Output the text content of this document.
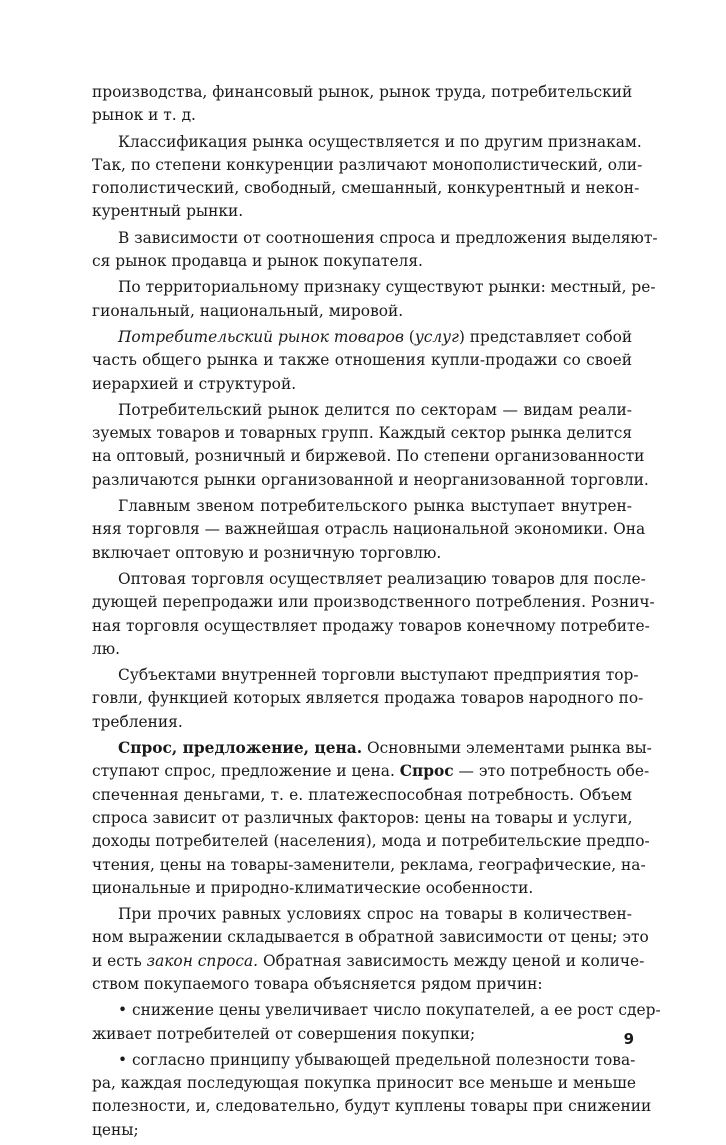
производства, финансовый рынок, рынок труда, потребительский
рынок и т. д.

Классификация рынка осуществляется и по другим признакам.
Так, по степени конкуренции различают монополистический, оли-
гополистический, свободный, смешанный, конкурентный и некон-
курентный рынки.

В зависимости от соотношения спроса и предложения выделяют-
ся рынок продавца и рынок покупателя.

По территориальному признаку существуют рынки: местный, ре-
гиональный, национальный, мировой.

Потребительский рынок товаров (услуг) представляет собой
часть общего рынка и также отношения купли-продажи со своей
иерархией и структурой.

Потребительский рынок делится по секторам — видам реали-
зуемых товаров и товарных групп. Каждый сектор рынка делится
на оптовый, розничный и биржевой. По степени организованности
различаются рынки организованной и неорганизованной торговли.

Главным звеном потребительского рынка выступает внутрен-
няя торговля — важнейшая отрасль национальной экономики. Она
включает оптовую и розничную торговлю.

Оптовая торговля осуществляет реализацию товаров для после-
дующей перепродажи или производственного потребления. Рознич-
ная торговля осуществляет продажу товаров конечному потребите-
лю.

Субъектами внутренней торговли выступают предприятия тор-
говли, функцией которых является продажа товаров народного по-
требления.

Спрос, предложение, цена. Основными элементами рынка вы-
ступают спрос, предложение и цена. Спрос — это потребность обе-
спеченная деньгами, т. е. платежеспособная потребность. Объем
спроса зависит от различных факторов: цены на товары и услуги,
доходы потребителей (населения), мода и потребительские предпо-
чтения, цены на товары-заменители, реклама, географические, на-
циональные и природно-климатические особенности.

При прочих равных условиях спрос на товары в количествен-
ном выражении складывается в обратной зависимости от цены; это
и есть закон спроса. Обратная зависимость между ценой и количе-
ством покупаемого товара объясняется рядом причин:

• снижение цены увеличивает число покупателей, а ее рост сдер-
живает потребителей от совершения покупки;

• согласно принципу убывающей предельной полезности това-
ра, каждая последующая покупка приносит все меньше и меньше
полезности, и, следовательно, будут куплены товары при снижении
цены;

9
